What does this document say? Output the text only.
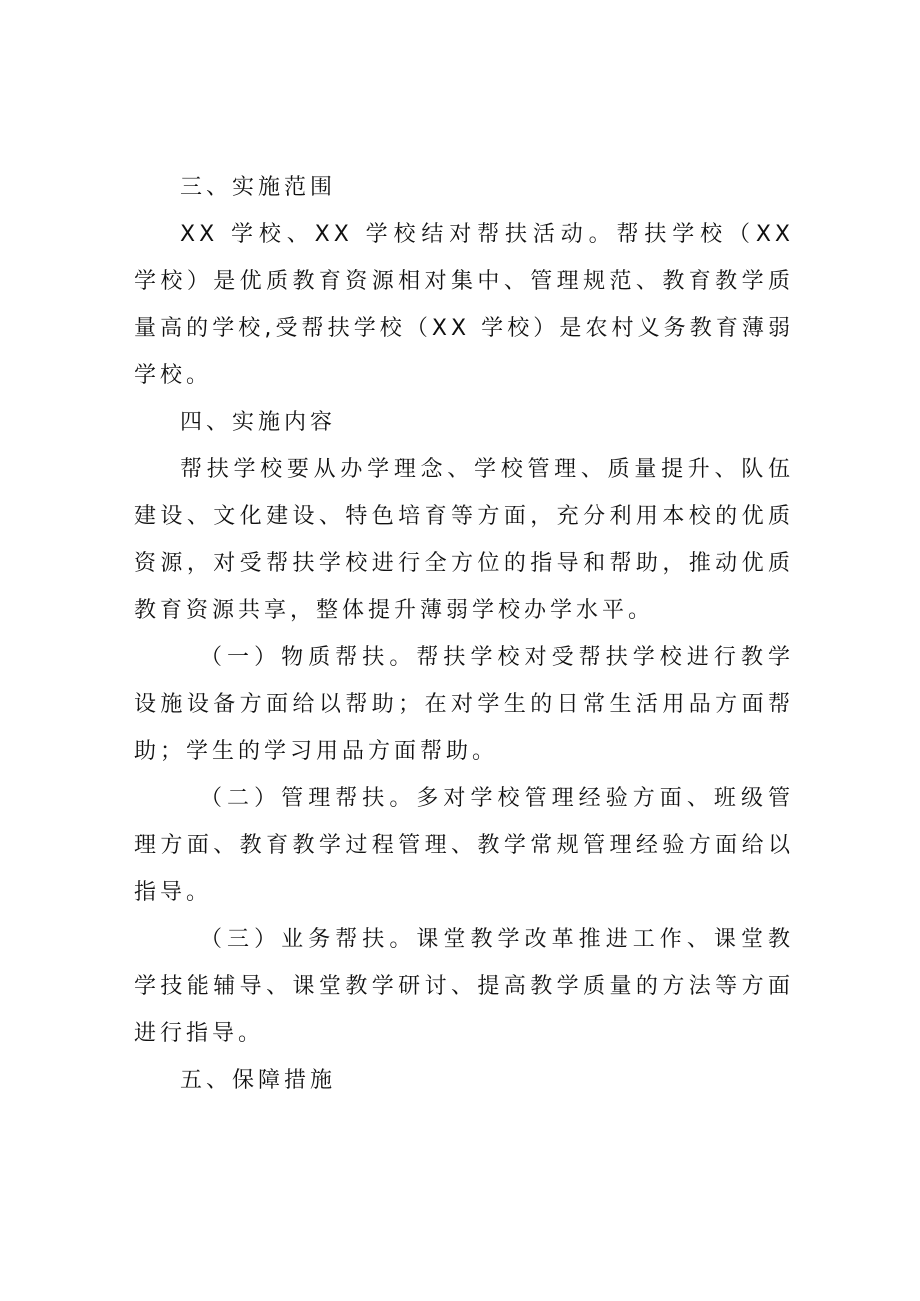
三、实施范围

XX 学校、XX 学校结对帮扶活动。帮扶学校（XX 学校）是优质教育资源相对集中、管理规范、教育教学质量高的学校,受帮扶学校（XX 学校）是农村义务教育薄弱学校。

四、实施内容

帮扶学校要从办学理念、学校管理、质量提升、队伍建设、文化建设、特色培育等方面，充分利用本校的优质资源，对受帮扶学校进行全方位的指导和帮助，推动优质教育资源共享，整体提升薄弱学校办学水平。

（一）物质帮扶。帮扶学校对受帮扶学校进行教学设施设备方面给以帮助；在对学生的日常生活用品方面帮助；学生的学习用品方面帮助。

（二）管理帮扶。多对学校管理经验方面、班级管理方面、教育教学过程管理、教学常规管理经验方面给以指导。

（三）业务帮扶。课堂教学改革推进工作、课堂教学技能辅导、课堂教学研讨、提高教学质量的方法等方面进行指导。

五、保障措施
